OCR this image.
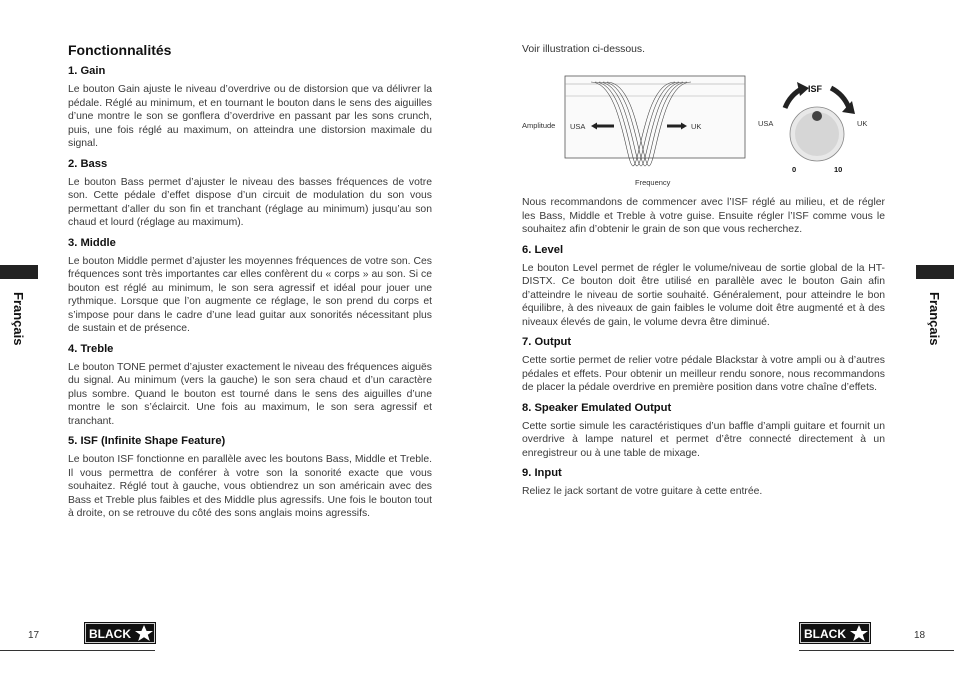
Fonctionnalités
1. Gain

Le bouton Gain ajuste le niveau d’overdrive ou de distorsion que va délivrer la pédale. Réglé au minimum, et en tournant le bouton dans le sens des aiguilles d’une montre le son se gonflera d’overdrive en passant par les sons crunch, puis, une fois réglé au maximum, on atteindra une distorsion maximale du signal.

2. Bass

Le bouton Bass permet d’ajuster le niveau des basses fréquences de votre son. Cette pédale d’effet dispose d’un circuit de modulation du son vous permettant d’aller du son fin et tranchant (réglage au minimum) jusqu’au son chaud et lourd (réglage au maximum).

3. Middle

Le bouton Middle permet d’ajuster les moyennes fréquences de votre son. Ces fréquences sont très importantes car elles confèrent du « corps » au son. Si ce bouton est réglé au minimum, le son sera agressif et idéal pour jouer une rythmique. Lorsque que l’on augmente ce réglage, le son prend du corps et s’impose pour dans le cadre d’une lead guitar aux sonorités nécessitant plus de sustain et de présence.

4. Treble

Le bouton TONE permet d’ajuster exactement le niveau des fréquences aiguës du signal. Au minimum (vers la gauche) le son sera chaud et d’un caractère plus sombre. Quand le bouton est tourné dans le sens des aiguilles d’une montre le son s’éclaircit. Une fois au maximum, le son sera agressif et tranchant.

5. ISF (Infinite Shape Feature)

Le bouton ISF fonctionne en parallèle avec les boutons Bass, Middle et Treble. Il vous permettra de conférer à votre son la sonorité exacte que vous souhaitez. Réglé tout à gauche, vous obtiendrez un son américain avec des Bass et Treble plus faibles et des Middle plus agressifs. Une fois le bouton tout à droite, on se retrouve du côté des sons anglais moins agressifs.

Français
17	BLACK
Voir illustration ci-dessous.
Amplitude USA	UK
Frequency
ISF
USA	UK
0	10

Nous recommandons de commencer avec l’ISF réglé au milieu, et de régler les Bass, Middle et Treble à votre guise. Ensuite régler l’ISF comme vous le souhaitez afin d’obtenir le grain de son que vous recherchez.

6. Level

Le bouton Level permet de régler le volume/niveau de sortie global de la HT-DISTX. Ce bouton doit être utilisé en parallèle avec le bouton Gain afin d’atteindre le niveau de sortie souhaité. Généralement, pour atteindre le bon équilibre, à des niveaux de gain faibles le volume doit être augmenté et à des niveaux élevés de gain, le volume devra être diminué.

7. Output

Cette sortie permet de relier votre pédale Blackstar à votre ampli ou à d’autres pédales et effets. Pour obtenir un meilleur rendu sonore, nous recommandons de placer la pédale overdrive en première position dans votre chaîne d’effets.

8. Speaker Emulated Output

Cette sortie simule les caractéristiques d’un baffle d’ampli guitare et fournit un overdrive à lampe naturel et permet d’être connecté directement à un enregistreur ou à une table de mixage.

9. Input

Reliez le jack sortant de votre guitare à cette entrée.

BLACK	18
Français
